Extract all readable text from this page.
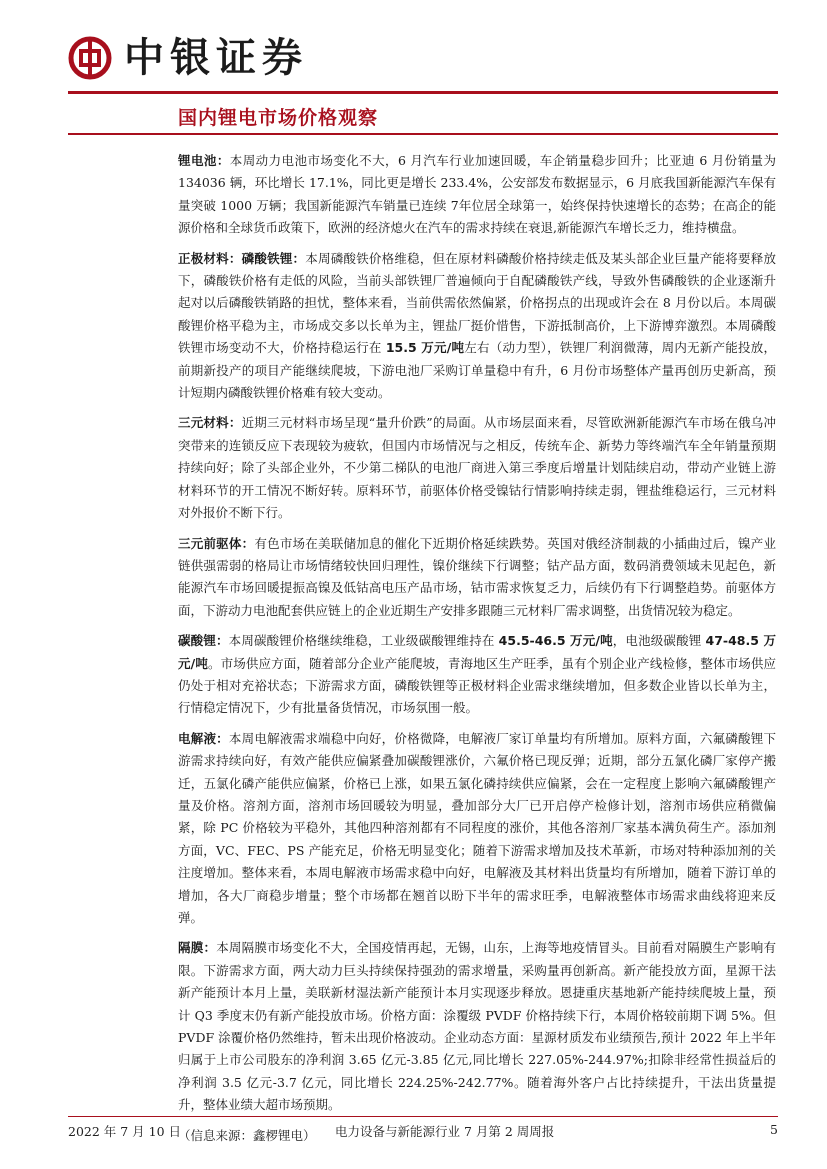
中银证券
国内锂电市场价格观察

锂电池：本周动力电池市场变化不大，6 月汽车行业加速回暖，车企销量稳步回升；比亚迪 6 月份销量为 134036 辆，环比增长 17.1%，同比更是增长 233.4%，公安部发布数据显示，6 月底我国新能源汽车保有量突破 1000 万辆；我国新能源汽车销量已连续 7年位居全球第一，始终保持快速增长的态势；在高企的能源价格和全球货币政策下，欧洲的经济熄火在汽车的需求持续在衰退,新能源汽车增长乏力，维持横盘。

正极材料：磷酸铁锂：本周磷酸铁价格维稳，但在原材料磷酸价格持续走低及某头部企业巨量产能将要释放下，磷酸铁价格有走低的风险，当前头部铁锂厂普遍倾向于自配磷酸铁产线，导致外售磷酸铁的企业逐渐升起对以后磷酸铁销路的担忧，整体来看，当前供需依然偏紧，价格拐点的出现或许会在 8 月份以后。本周碳酸锂价格平稳为主，市场成交多以长单为主，锂盐厂挺价惜售，下游抵制高价，上下游博弈激烈。本周磷酸铁锂市场变动不大，价格持稳运行在 15.5 万元/吨左右（动力型），铁锂厂利润微薄，周内无新产能投放，前期新投产的项目产能继续爬坡，下游电池厂采购订单量稳中有升，6 月份市场整体产量再创历史新高，预计短期内磷酸铁锂价格难有较大变动。

三元材料：近期三元材料市场呈现“量升价跌”的局面。从市场层面来看，尽管欧洲新能源汽车市场在俄乌冲突带来的连锁反应下表现较为疲软，但国内市场情况与之相反，传统车企、新势力等终端汽车全年销量预期持续向好；除了头部企业外，不少第二梯队的电池厂商进入第三季度后增量计划陆续启动，带动产业链上游材料环节的开工情况不断好转。原料环节，前驱体价格受镍钴行情影响持续走弱，锂盐维稳运行，三元材料对外报价不断下行。

三元前驱体：有色市场在美联储加息的催化下近期价格延续跌势。英国对俄经济制裁的小插曲过后，镍产业链供强需弱的格局让市场情绪较快回归理性，镍价继续下行调整；钴产品方面，数码消费领域未见起色，新能源汽车市场回暖提振高镍及低钴高电压产品市场，钴市需求恢复乏力，后续仍有下行调整趋势。前驱体方面，下游动力电池配套供应链上的企业近期生产安排多跟随三元材料厂需求调整，出货情况较为稳定。

碳酸锂：本周碳酸锂价格继续维稳，工业级碳酸锂维持在 45.5-46.5 万元/吨，电池级碳酸锂 47-48.5 万元/吨。市场供应方面，随着部分企业产能爬坡，青海地区生产旺季，虽有个别企业产线检修，整体市场供应仍处于相对充裕状态；下游需求方面，磷酸铁锂等正极材料企业需求继续增加，但多数企业皆以长单为主，行情稳定情况下，少有批量备货情况，市场氛围一般。

电解液：本周电解液需求端稳中向好，价格微降，电解液厂家订单量均有所增加。原料方面，六氟磷酸锂下游需求持续向好，有效产能供应偏紧叠加碳酸锂涨价，六氟价格已现反弹；近期，部分五氯化磷厂家停产搬迁，五氯化磷产能供应偏紧，价格已上涨，如果五氯化磷持续供应偏紧，会在一定程度上影响六氟磷酸锂产量及价格。溶剂方面，溶剂市场回暖较为明显，叠加部分大厂已开启停产检修计划，溶剂市场供应稍微偏紧，除 PC 价格较为平稳外，其他四种溶剂都有不同程度的涨价，其他各溶剂厂家基本满负荷生产。添加剂方面，VC、FEC、PS 产能充足，价格无明显变化；随着下游需求增加及技术革新，市场对特种添加剂的关注度增加。整体来看，本周电解液市场需求稳中向好，电解液及其材料出货量均有所增加，随着下游订单的增加，各大厂商稳步增量；整个市场都在翘首以盼下半年的需求旺季，电解液整体市场需求曲线将迎来反弹。

隔膜：本周隔膜市场变化不大，全国疫情再起，无锡，山东，上海等地疫情冒头。目前看对隔膜生产影响有限。下游需求方面，两大动力巨头持续保持强劲的需求增量，采购量再创新高。新产能投放方面，星源干法新产能预计本月上量，美联新材湿法新产能预计本月实现逐步释放。恩捷重庆基地新产能持续爬坡上量，预计 Q3 季度末仍有新产能投放市场。价格方面：涂覆级 PVDF 价格持续下行，本周价格较前期下调 5%。但 PVDF 涂覆价格仍然维持，暂未出现价格波动。企业动态方面：星源材质发布业绩预告,预计 2022 年上半年归属于上市公司股东的净利润 3.65 亿元-3.85 亿元,同比增长 227.05%-244.97%;扣除非经常性损益后的净利润 3.5 亿元-3.7 亿元，同比增长 224.25%-242.77%。随着海外客户占比持续提升，干法出货量提升，整体业绩大超市场预期。

（信息来源：鑫椤锂电）
2022 年 7 月 10 日	电力设备与新能源行业 7 月第 2 周周报	5
